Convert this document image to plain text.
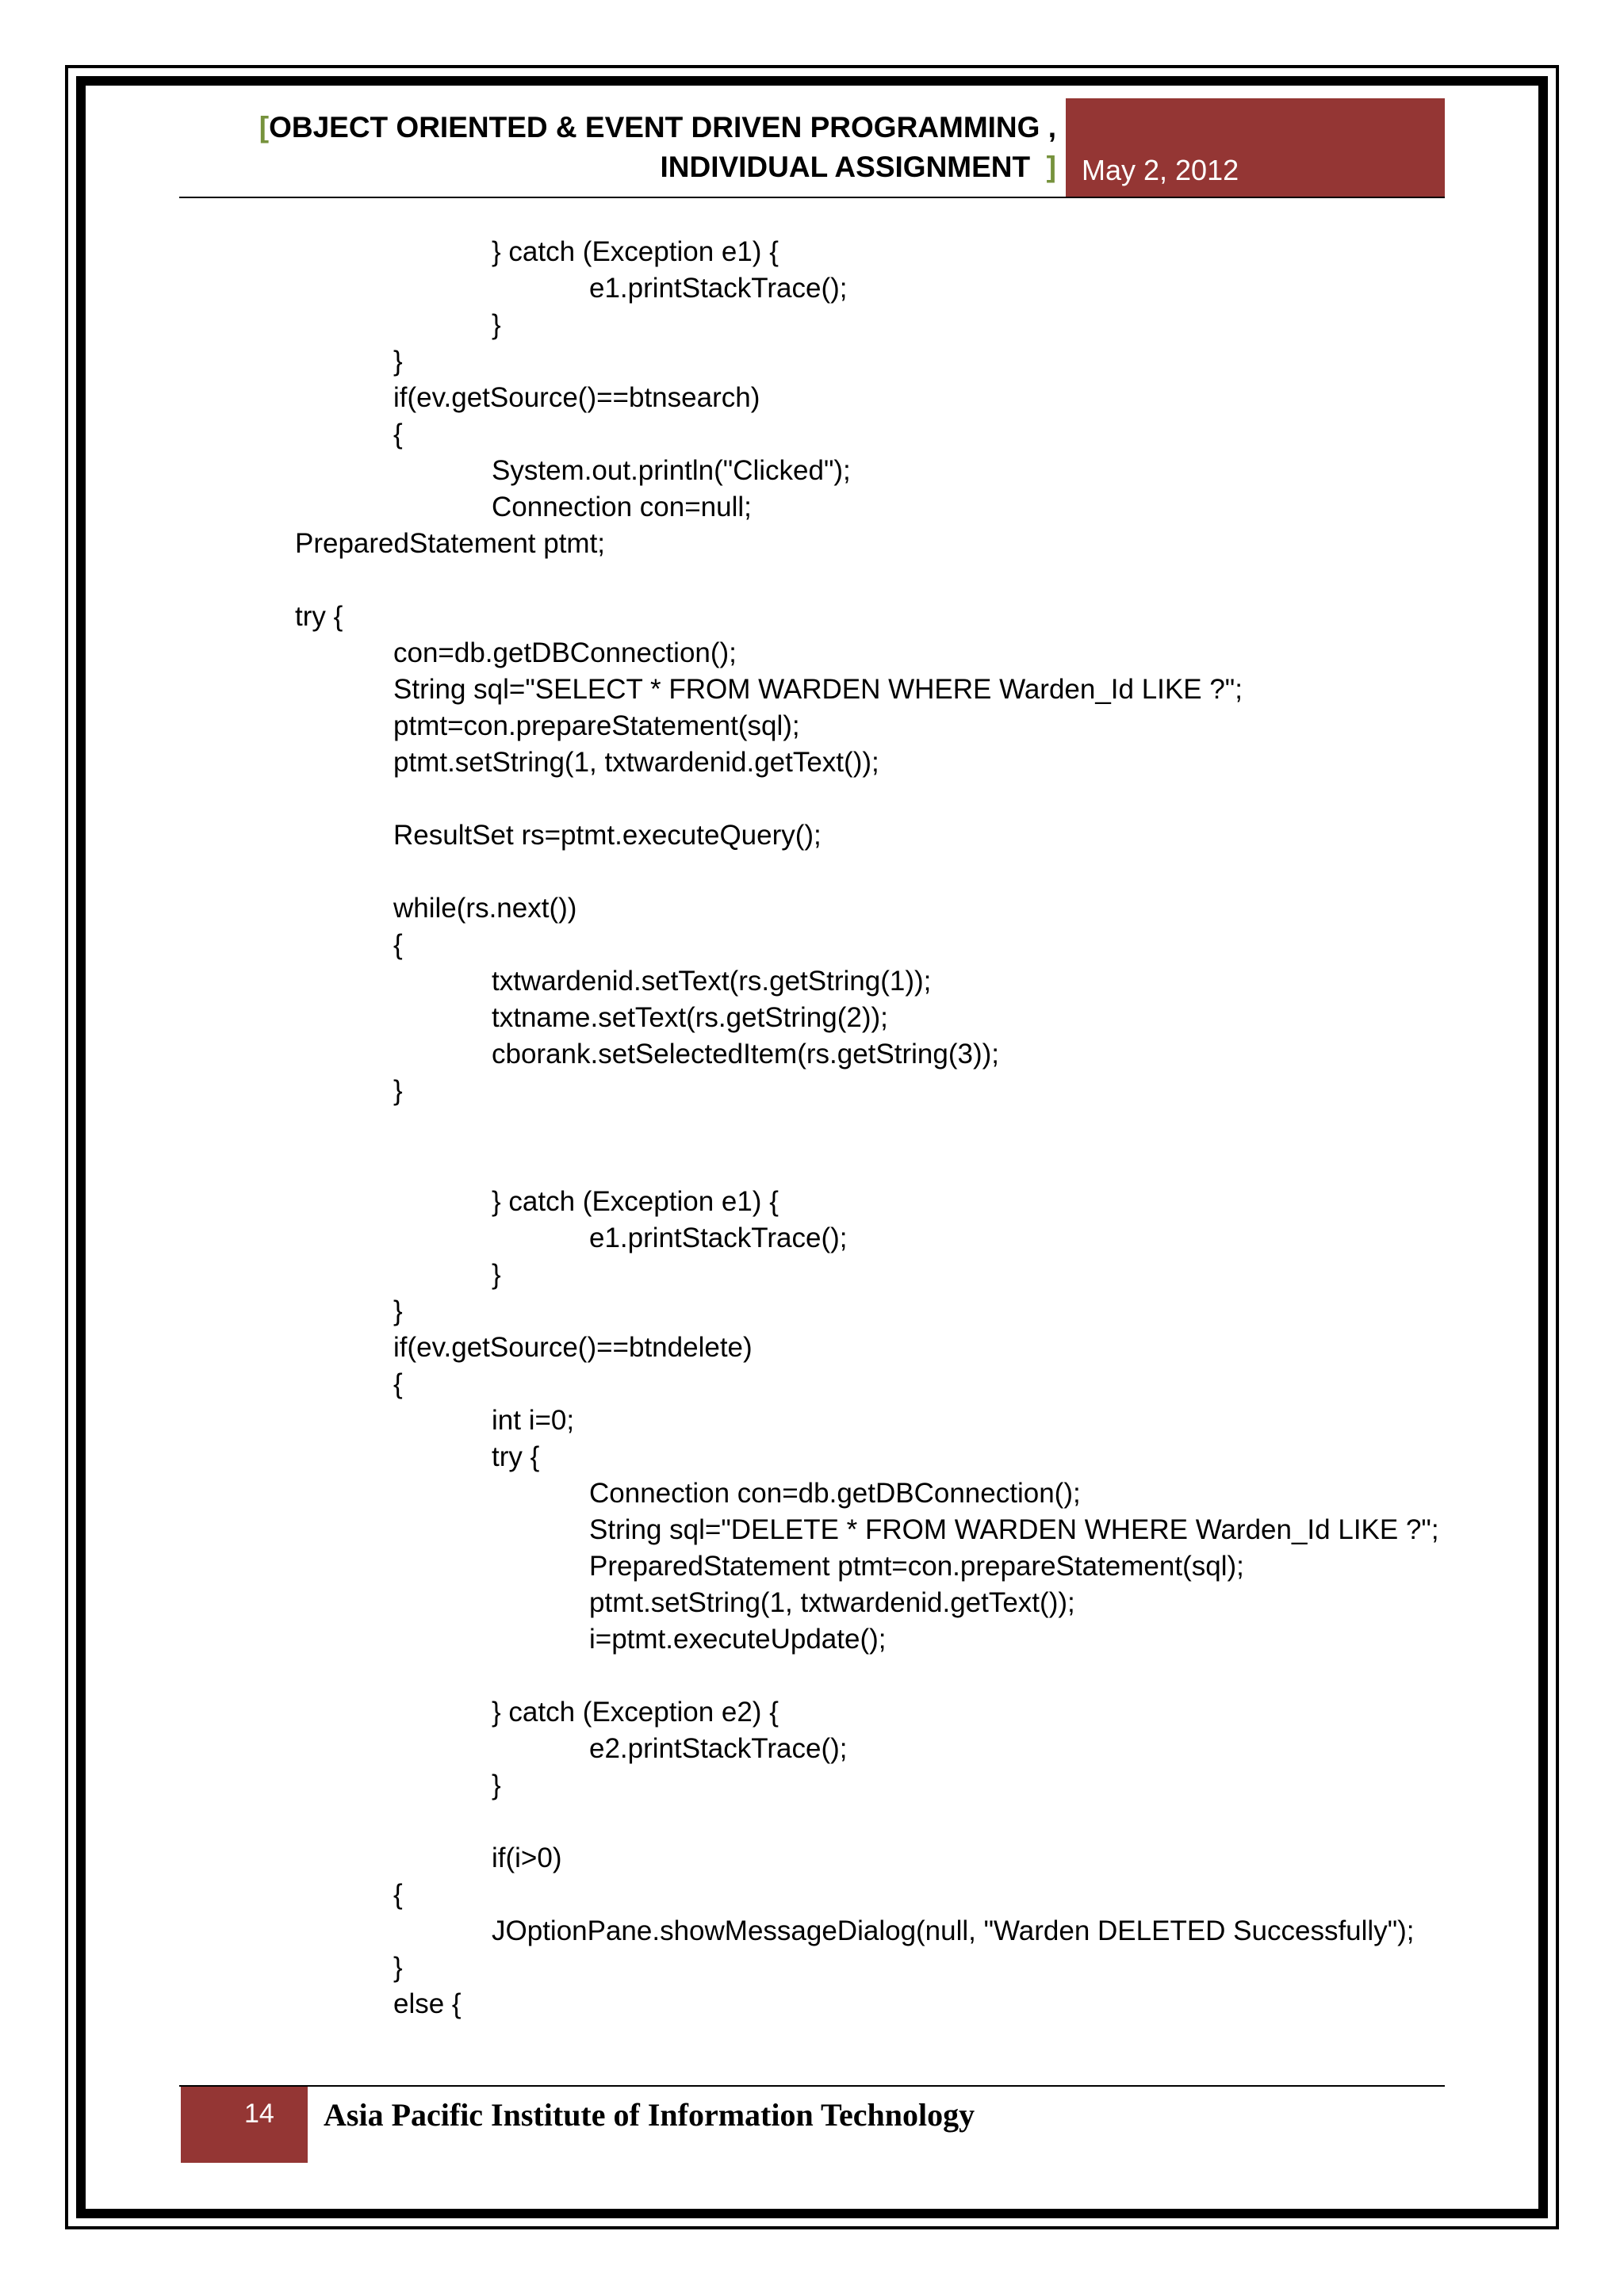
[OBJECT ORIENTED & EVENT DRIVEN PROGRAMMING ,
INDIVIDUAL ASSIGNMENT ] May 2, 2012
} catch (Exception e1) {
e1.printStackTrace();
}
}
if(ev.getSource()==btnsearch)
{
System.out.println("Clicked");
Connection con=null;
PreparedStatement ptmt;
try {
con=db.getDBConnection();
String sql="SELECT * FROM WARDEN WHERE Warden_Id LIKE ?";
ptmt=con.prepareStatement(sql);
ptmt.setString(1, txtwardenid.getText());
ResultSet rs=ptmt.executeQuery();
while(rs.next())
{
txtwardenid.setText(rs.getString(1));
txtname.setText(rs.getString(2));
cborank.setSelectedItem(rs.getString(3));
}
} catch (Exception e1) {
e1.printStackTrace();
}
}
if(ev.getSource()==btndelete)
{
int i=0;
try {
Connection con=db.getDBConnection();
String sql="DELETE * FROM WARDEN WHERE Warden_Id LIKE ?";
PreparedStatement ptmt=con.prepareStatement(sql);
ptmt.setString(1, txtwardenid.getText());
i=ptmt.executeUpdate();
} catch (Exception e2) {
e2.printStackTrace();
}
if(i>0)
{
JOptionPane.showMessageDialog(null, "Warden DELETED Successfully");
}
else {
14 Asia Pacific Institute of Information Technology
